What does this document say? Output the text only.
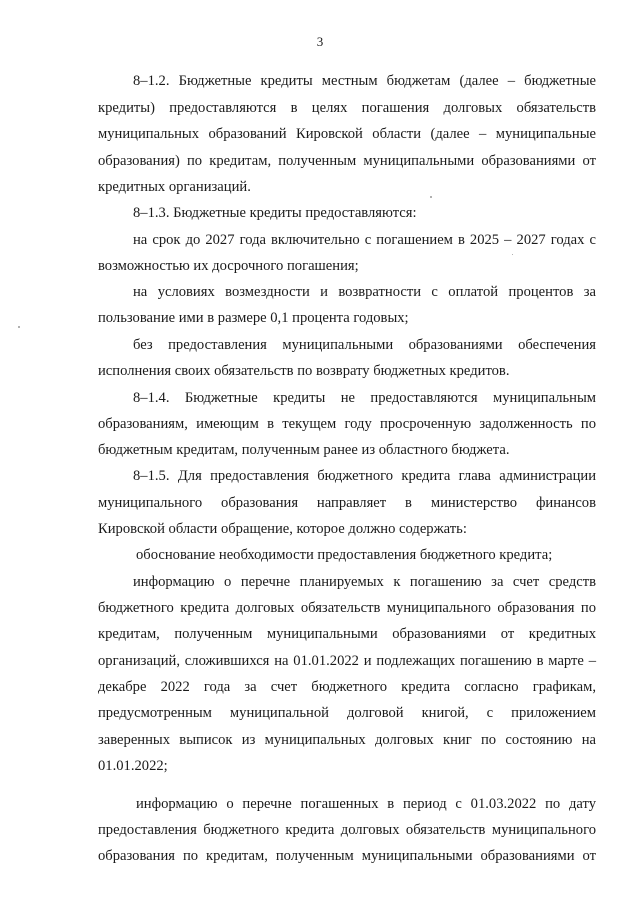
3
8–1.2. Бюджетные кредиты местным бюджетам (далее – бюджетные
кредиты) предоставляются в целях погашения долговых обязательств
муниципальных образований Кировской области (далее – муниципальные
образования) по кредитам, полученным муниципальными образованиями от
кредитных организаций.
8–1.3. Бюджетные кредиты предоставляются:
на срок до 2027 года включительно с погашением в 2025 – 2027 годах с
возможностью их досрочного погашения;
на условиях возмездности и возвратности с оплатой процентов за
пользование ими в размере 0,1 процента годовых;
без предоставления муниципальными образованиями обеспечения
исполнения своих обязательств по возврату бюджетных кредитов.
8–1.4. Бюджетные кредиты не предоставляются муниципальным
образованиям, имеющим в текущем году просроченную задолженность по
бюджетным кредитам, полученным ранее из областного бюджета.
8–1.5. Для предоставления бюджетного кредита глава администрации
муниципального образования направляет в министерство финансов
Кировской области обращение, которое должно содержать:
обоснование необходимости предоставления бюджетного кредита;
информацию о перечне планируемых к погашению за счет средств
бюджетного кредита долговых обязательств муниципального образования по
кредитам, полученным муниципальными образованиями от кредитных
организаций, сложившихся на 01.01.2022 и подлежащих погашению в марте –
декабре 2022 года за счет бюджетного кредита согласно графикам,
предусмотренным муниципальной долговой книгой, с приложением
заверенных выписок из муниципальных долговых книг по состоянию на
01.01.2022;
информацию о перечне погашенных в период с 01.03.2022 по дату
предоставления бюджетного кредита долговых обязательств муниципального
образования по кредитам, полученным муниципальными образованиями от
